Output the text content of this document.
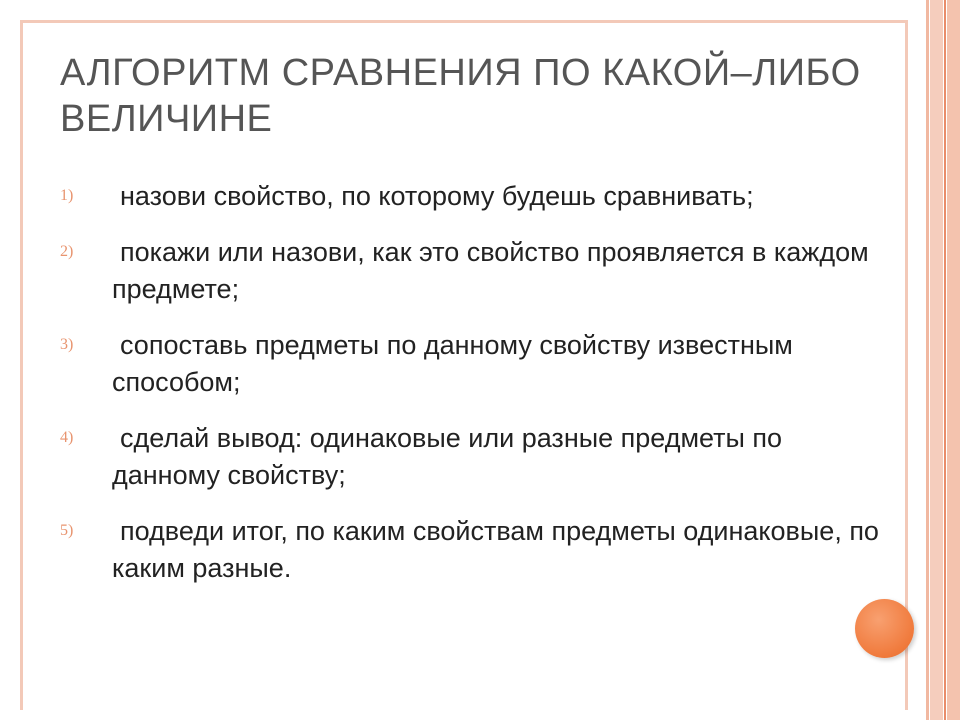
АЛГОРИТМ СРАВНЕНИЯ ПО КАКОЙ–ЛИБО ВЕЛИЧИНЕ
1) назови свойство, по которому будешь сравнивать;
2) покажи или назови, как это свойство проявляется в каждом предмете;
3) сопоставь предметы по данному свойству известным способом;
4) сделай вывод: одинаковые или разные предметы по данному свойству;
5) подведи итог, по каким свойствам предметы одинаковые, по каким разные.
